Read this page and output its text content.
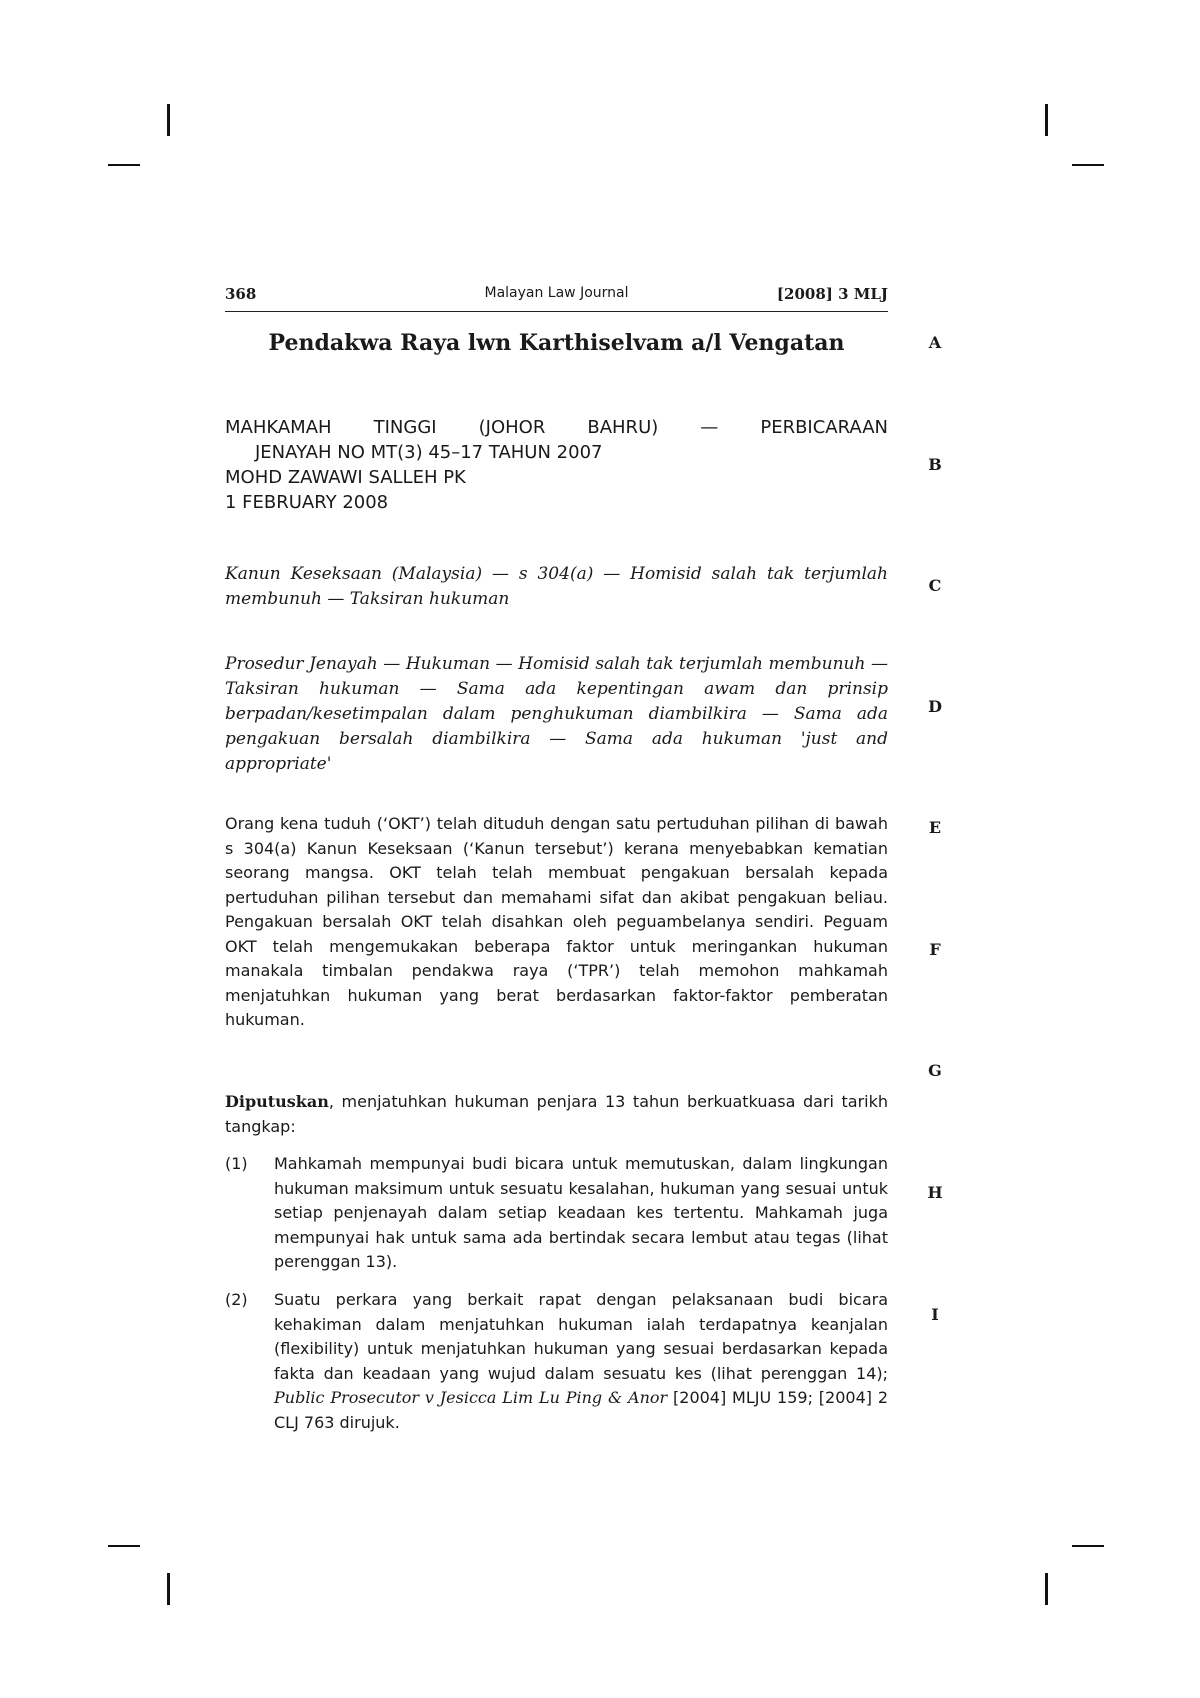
368	Malayan Law Journal	[2008] 3 MLJ
Pendakwa Raya lwn Karthiselvam a/l Vengatan
MAHKAMAH TINGGI (JOHOR BAHRU) — PERBICARAAN
JENAYAH NO MT(3) 45–17 TAHUN 2007
MOHD ZAWAWI SALLEH PK
1 FEBRUARY 2008
Kanun Keseksaan (Malaysia) — s 304(a) — Homisid salah tak terjumlah membunuh — Taksiran hukuman
Prosedur Jenayah — Hukuman — Homisid salah tak terjumlah membunuh — Taksiran hukuman — Sama ada kepentingan awam dan prinsip berpadan/kesetimpalan dalam penghukuman diambilkira — Sama ada pengakuan bersalah diambilkira — Sama ada hukuman 'just and appropriate'
Orang kena tuduh (‘OKT’) telah dituduh dengan satu pertuduhan pilihan di bawah s 304(a) Kanun Keseksaan (‘Kanun tersebut’) kerana menyebabkan kematian seorang mangsa. OKT telah telah membuat pengakuan bersalah kepada pertuduhan pilihan tersebut dan memahami sifat dan akibat pengakuan beliau. Pengakuan bersalah OKT telah disahkan oleh peguambelanya sendiri. Peguam OKT telah mengemukakan beberapa faktor untuk meringankan hukuman manakala timbalan pendakwa raya (‘TPR’) telah memohon mahkamah menjatuhkan hukuman yang berat berdasarkan faktor-faktor pemberatan hukuman.
Diputuskan, menjatuhkan hukuman penjara 13 tahun berkuatkuasa dari tarikh tangkap:
(1) Mahkamah mempunyai budi bicara untuk memutuskan, dalam lingkungan hukuman maksimum untuk sesuatu kesalahan, hukuman yang sesuai untuk setiap penjenayah dalam setiap keadaan kes tertentu. Mahkamah juga mempunyai hak untuk sama ada bertindak secara lembut atau tegas (lihat perenggan 13).
(2) Suatu perkara yang berkait rapat dengan pelaksanaan budi bicara kehakiman dalam menjatuhkan hukuman ialah terdapatnya keanjalan (flexibility) untuk menjatuhkan hukuman yang sesuai berdasarkan kepada fakta dan keadaan yang wujud dalam sesuatu kes (lihat perenggan 14); Public Prosecutor v Jesicca Lim Lu Ping & Anor [2004] MLJU 159; [2004] 2 CLJ 763 dirujuk.
A
B
C
D
E
F
G
H
I
